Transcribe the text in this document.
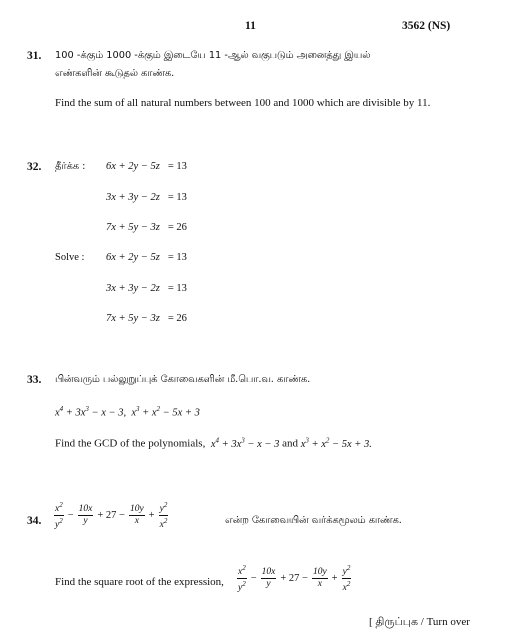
11	3562 (NS)
31. 100 -க்கும் 1000 -க்கும் இடையே 11 -ஆல் வகுபடும் அனைத்து இயல்
எண்களின் கூடுதல் காண்க.
Find the sum of all natural numbers between 100 and 1000 which are divisible by 11.
32. தீர்க்க : 6x + 2y − 5z = 13
3x + 3y − 2z = 13
7x + 5y − 3z = 26
Solve : 6x + 2y − 5z = 13
3x + 3y − 2z = 13
7x + 5y − 3z = 26
33. பின்வரும் பல்லுறுப்புக் கோவைகளின் மீ.பொ.வ. காண்க.
$x^4 + 3x^3 - x - 3$,  $x^3 + x^2 - 5x + 3$
Find the GCD of the polynomials, $x^4 + 3x^3 - x - 3$ and $x^3 + x^2 - 5x + 3$.
34. $\frac{x^2}{y^2} - \frac{10x}{y} + 27 - \frac{10y}{x} + \frac{y^2}{x^2}$	என்ற கோவையின் வர்க்கமூலம் காண்க.
Find the square root of the expression, $\frac{x^2}{y^2} - \frac{10x}{y} + 27 - \frac{10y}{x} + \frac{y^2}{x^2}$
[ திருப்புக / Turn over
